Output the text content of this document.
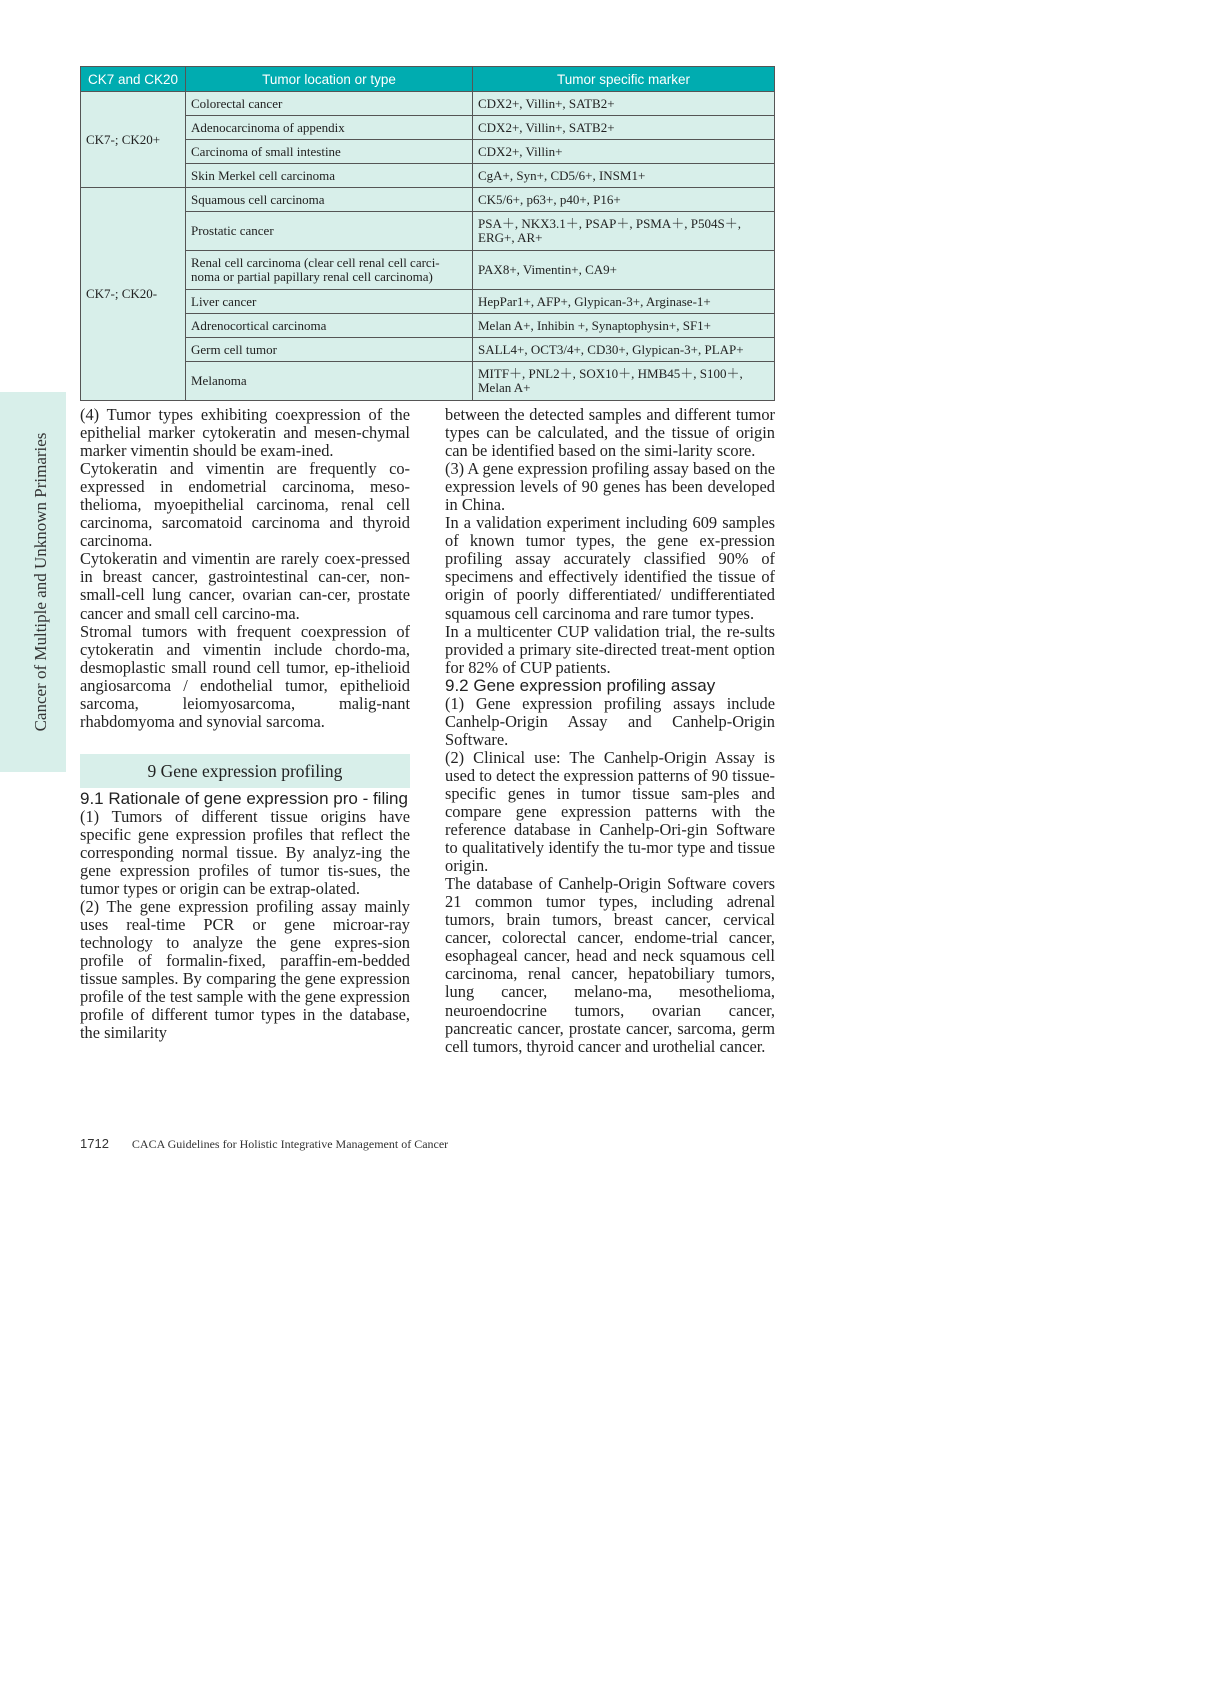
Cancer of Multiple and Unknown Primaries
CK7 and CK20	Tumor location or type	Tumor specific marker
CK7-; CK20+	Colorectal cancer	CDX2+, Villin+, SATB2+
	Adenocarcinoma of appendix	CDX2+, Villin+, SATB2+
	Carcinoma of small intestine	CDX2+, Villin+
	Skin Merkel cell carcinoma	CgA+, Syn+, CD5/6+, INSM1+
CK7-; CK20-	Squamous cell carcinoma	CK5/6+, p63+, p40+, P16+
	Prostatic cancer	PSA＋, NKX3.1＋, PSAP＋, PSMA＋, P504S＋, ERG+, AR+
	Renal cell carcinoma (clear cell renal cell carci-noma or partial papillary renal cell carcinoma)	PAX8+, Vimentin+, CA9+
	Liver cancer	HepPar1+, AFP+, Glypican-3+, Arginase-1+
	Adrenocortical carcinoma	Melan A+, Inhibin +, Synaptophysin+, SF1+
	Germ cell tumor	SALL4+, OCT3/4+, CD30+, Glypican-3+, PLAP+
	Melanoma	MITF＋, PNL2＋, SOX10＋, HMB45＋, S100＋, Melan A+

(4) Tumor types exhibiting coexpression of the epithelial marker cytokeratin and mesen-chymal marker vimentin should be exam-ined.

Cytokeratin and vimentin are frequently co-expressed in endometrial carcinoma, meso-thelioma, myoepithelial carcinoma, renal cell carcinoma, sarcomatoid carcinoma and thyroid carcinoma.

Cytokeratin and vimentin are rarely coex-pressed in breast cancer, gastrointestinal can-cer, non-small-cell lung cancer, ovarian can-cer, prostate cancer and small cell carcino-ma.

Stromal tumors with frequent coexpression of cytokeratin and vimentin include chordo-ma, desmoplastic small round cell tumor, ep-ithelioid angiosarcoma / endothelial tumor, epithelioid sarcoma, leiomyosarcoma, malig-nant rhabdomyoma and synovial sarcoma.

9 Gene expression profiling

9.1 Rationale of gene expression pro - filing

(1) Tumors of different tissue origins have specific gene expression profiles that reflect the corresponding normal tissue. By analyz-ing the gene expression profiles of tumor tis-sues, the tumor types or origin can be extrap-olated.

(2) The gene expression profiling assay mainly uses real-time PCR or gene microar-ray technology to analyze the gene expres-sion profile of formalin-fixed, paraffin-em-bedded tissue samples. By comparing the gene expression profile of the test sample with the gene expression profile of different tumor types in the database, the similarity

between the detected samples and different tumor types can be calculated, and the tissue of origin can be identified based on the simi-larity score.

(3) A gene expression profiling assay based on the expression levels of 90 genes has been developed in China.

In a validation experiment including 609 samples of known tumor types, the gene ex-pression profiling assay accurately classified 90% of specimens and effectively identified the tissue of origin of poorly differentiated/ undifferentiated squamous cell carcinoma and rare tumor types.

In a multicenter CUP validation trial, the re-sults provided a primary site-directed treat-ment option for 82% of CUP patients.

9.2 Gene expression profiling assay

(1) Gene expression profiling assays include Canhelp-Origin Assay and Canhelp-Origin Software.

(2) Clinical use: The Canhelp-Origin Assay is used to detect the expression patterns of 90 tissue-specific genes in tumor tissue sam-ples and compare gene expression patterns with the reference database in Canhelp-Ori-gin Software to qualitatively identify the tu-mor type and tissue origin.

The database of Canhelp-Origin Software covers 21 common tumor types, including adrenal tumors, brain tumors, breast cancer, cervical cancer, colorectal cancer, endome-trial cancer, esophageal cancer, head and neck squamous cell carcinoma, renal cancer, hepatobiliary tumors, lung cancer, melano-ma, mesothelioma, neuroendocrine tumors, ovarian cancer, pancreatic cancer, prostate cancer, sarcoma, germ cell tumors, thyroid cancer and urothelial cancer.

1712 CACA Guidelines for Holistic Integrative Management of Cancer
